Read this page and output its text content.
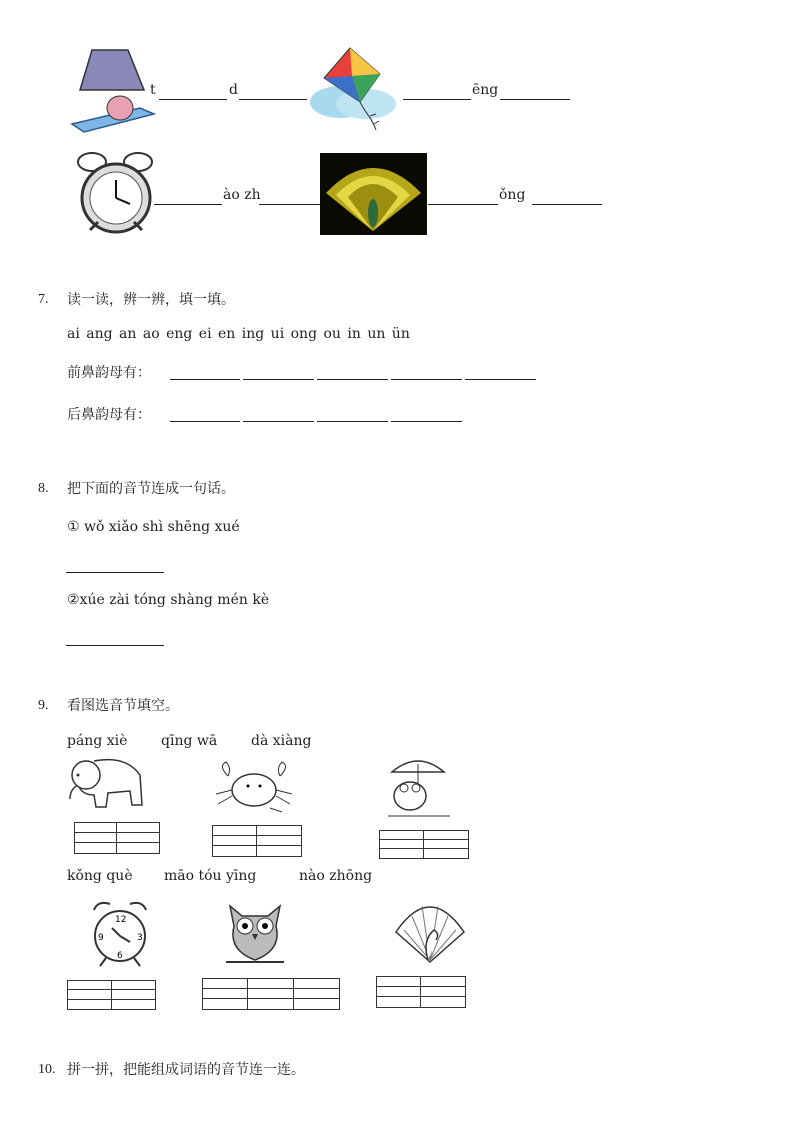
t	d	ēng
ào zh	ǒng
7. 读一读，辨一辨，填一填。
ai ang an ao eng ei en ing ui ong ou in un ün
前鼻韵母有：
后鼻韵母有：
8. 把下面的音节连成一句话。
① wǒ xiǎo shì shēng xué
②xúe zài tóng shàng mén kè
9. 看图选音节填空。
páng xiè qīng wā dà xiàng
kǒng què māo tóu yīng	nào zhōng
12
6
9	3
10. 拼一拼，把能组成词语的音节连一连。
